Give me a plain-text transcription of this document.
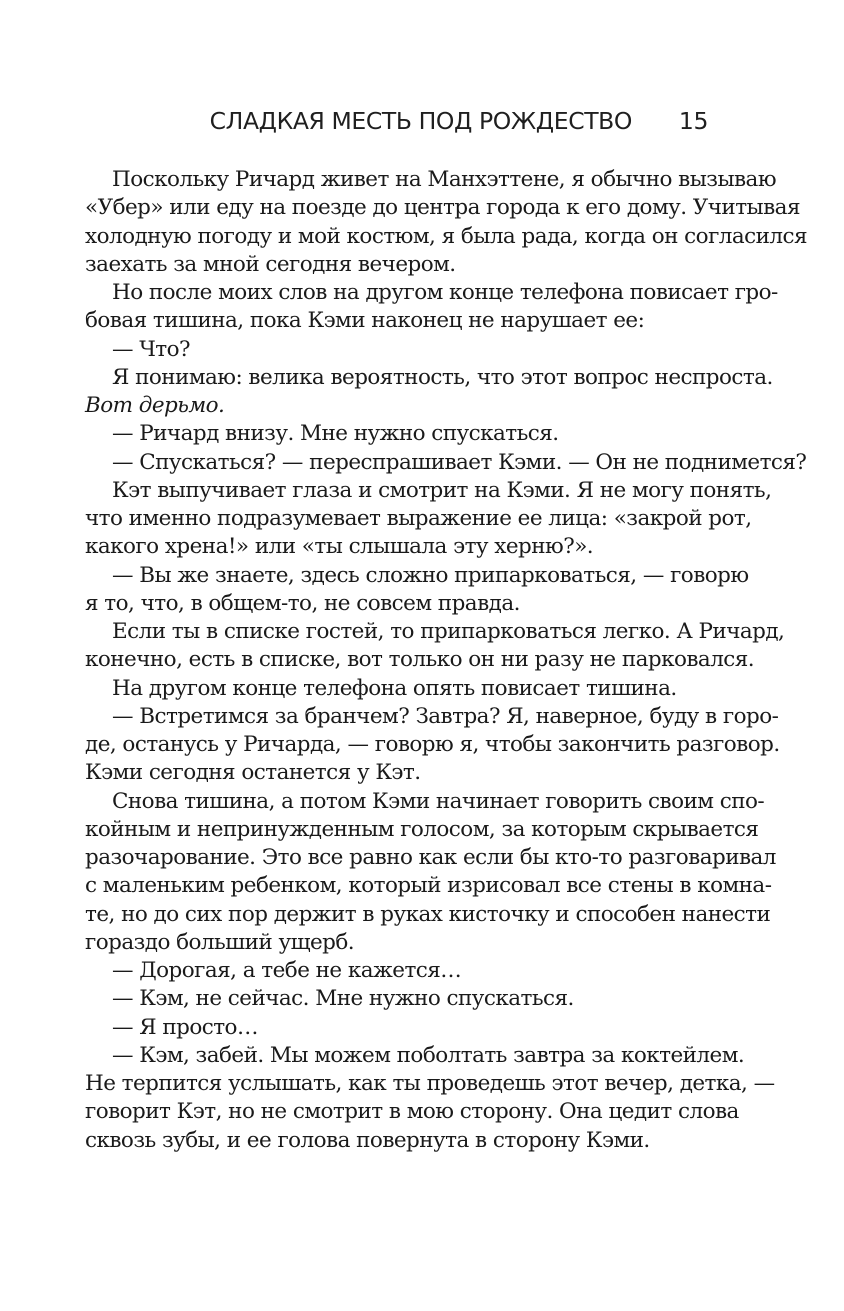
СЛАДКАЯ МЕСТЬ ПОД РОЖДЕСТВО 15
Поскольку Ричард живет на Манхэттене, я обычно вызываю
«Убер» или еду на поезде до центра города к его дому. Учитывая
холодную погоду и мой костюм, я была рада, когда он согласился
заехать за мной сегодня вечером.
Но после моих слов на другом конце телефона повисает гро-
бовая тишина, пока Кэми наконец не нарушает ее:
— Что?
Я понимаю: велика вероятность, что этот вопрос неспроста.
Вот дерьмо.
— Ричард внизу. Мне нужно спускаться.
— Спускаться? — переспрашивает Кэми. — Он не поднимется?
Кэт выпучивает глаза и смотрит на Кэми. Я не могу понять,
что именно подразумевает выражение ее лица: «закрой рот,
какого хрена!» или «ты слышала эту херню?».
— Вы же знаете, здесь сложно припарковаться, — говорю
я то, что, в общем-то, не совсем правда.
Если ты в списке гостей, то припарковаться легко. А Ричард,
конечно, есть в списке, вот только он ни разу не парковался.
На другом конце телефона опять повисает тишина.
— Встретимся за бранчем? Завтра? Я, наверное, буду в горо-
де, останусь у Ричарда, — говорю я, чтобы закончить разговор.
Кэми сегодня останется у Кэт.
Снова тишина, а потом Кэми начинает говорить своим спо-
койным и непринужденным голосом, за которым скрывается
разочарование. Это все равно как если бы кто-то разговаривал
с маленьким ребенком, который изрисовал все стены в комна-
те, но до сих пор держит в руках кисточку и способен нанести
гораздо больший ущерб.
— Дорогая, а тебе не кажется…
— Кэм, не сейчас. Мне нужно спускаться.
— Я просто…
— Кэм, забей. Мы можем поболтать завтра за коктейлем.
Не терпится услышать, как ты проведешь этот вечер, детка, —
говорит Кэт, но не смотрит в мою сторону. Она цедит слова
сквозь зубы, и ее голова повернута в сторону Кэми.
